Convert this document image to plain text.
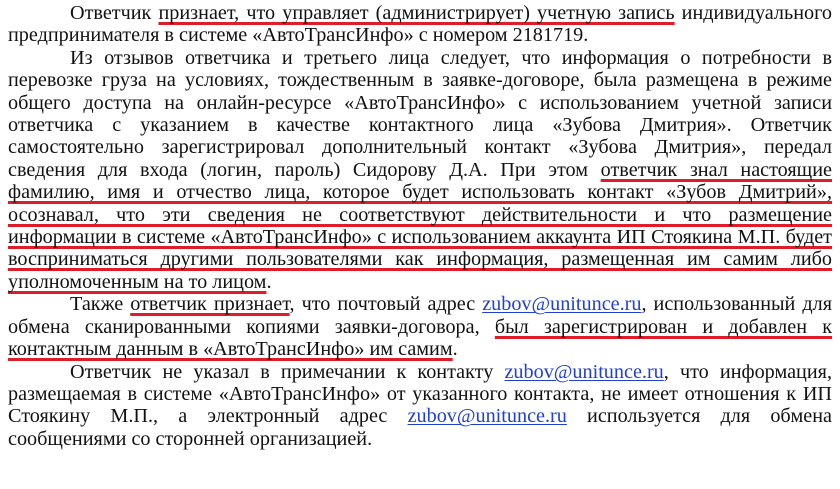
Ответчик признает, что управляет (администрирует) учетную запись индивидуального предпринимателя в системе «АвтоТрансИнфо» с номером 2181719.

Из отзывов ответчика и третьего лица следует, что информация о потребности в перевозке груза на условиях, тождественным в заявке-договоре, была размещена в режиме общего доступа на онлайн-ресурсе «АвтоТрансИнфо» с использованием учетной записи ответчика с указанием в качестве контактного лица «Зубова Дмитрия». Ответчик самостоятельно зарегистрировал дополнительный контакт «Зубова Дмитрия», передал сведения для входа (логин, пароль) Сидорову Д.А. При этом ответчик знал настоящие фамилию, имя и отчество лица, которое будет использовать контакт «Зубов Дмитрий», осознавал, что эти сведения не соответствуют действительности и что размещение информации в системе «АвтоТрансИнфо» с использованием аккаунта ИП Стоякина М.П. будет восприниматься другими пользователями как информация, размещенная им самим либо уполномоченным на то лицом.

Также ответчик признает, что почтовый адрес zubov@unitunce.ru, использованный для обмена сканированными копиями заявки-договора, был зарегистрирован и добавлен к контактным данным в «АвтоТрансИнфо» им самим.

Ответчик не указал в примечании к контакту zubov@unitunce.ru, что информация, размещаемая в системе «АвтоТрансИнфо» от указанного контакта, не имеет отношения к ИП Стоякину М.П., а электронный адрес zubov@unitunce.ru используется для обмена сообщениями со сторонней организацией.
